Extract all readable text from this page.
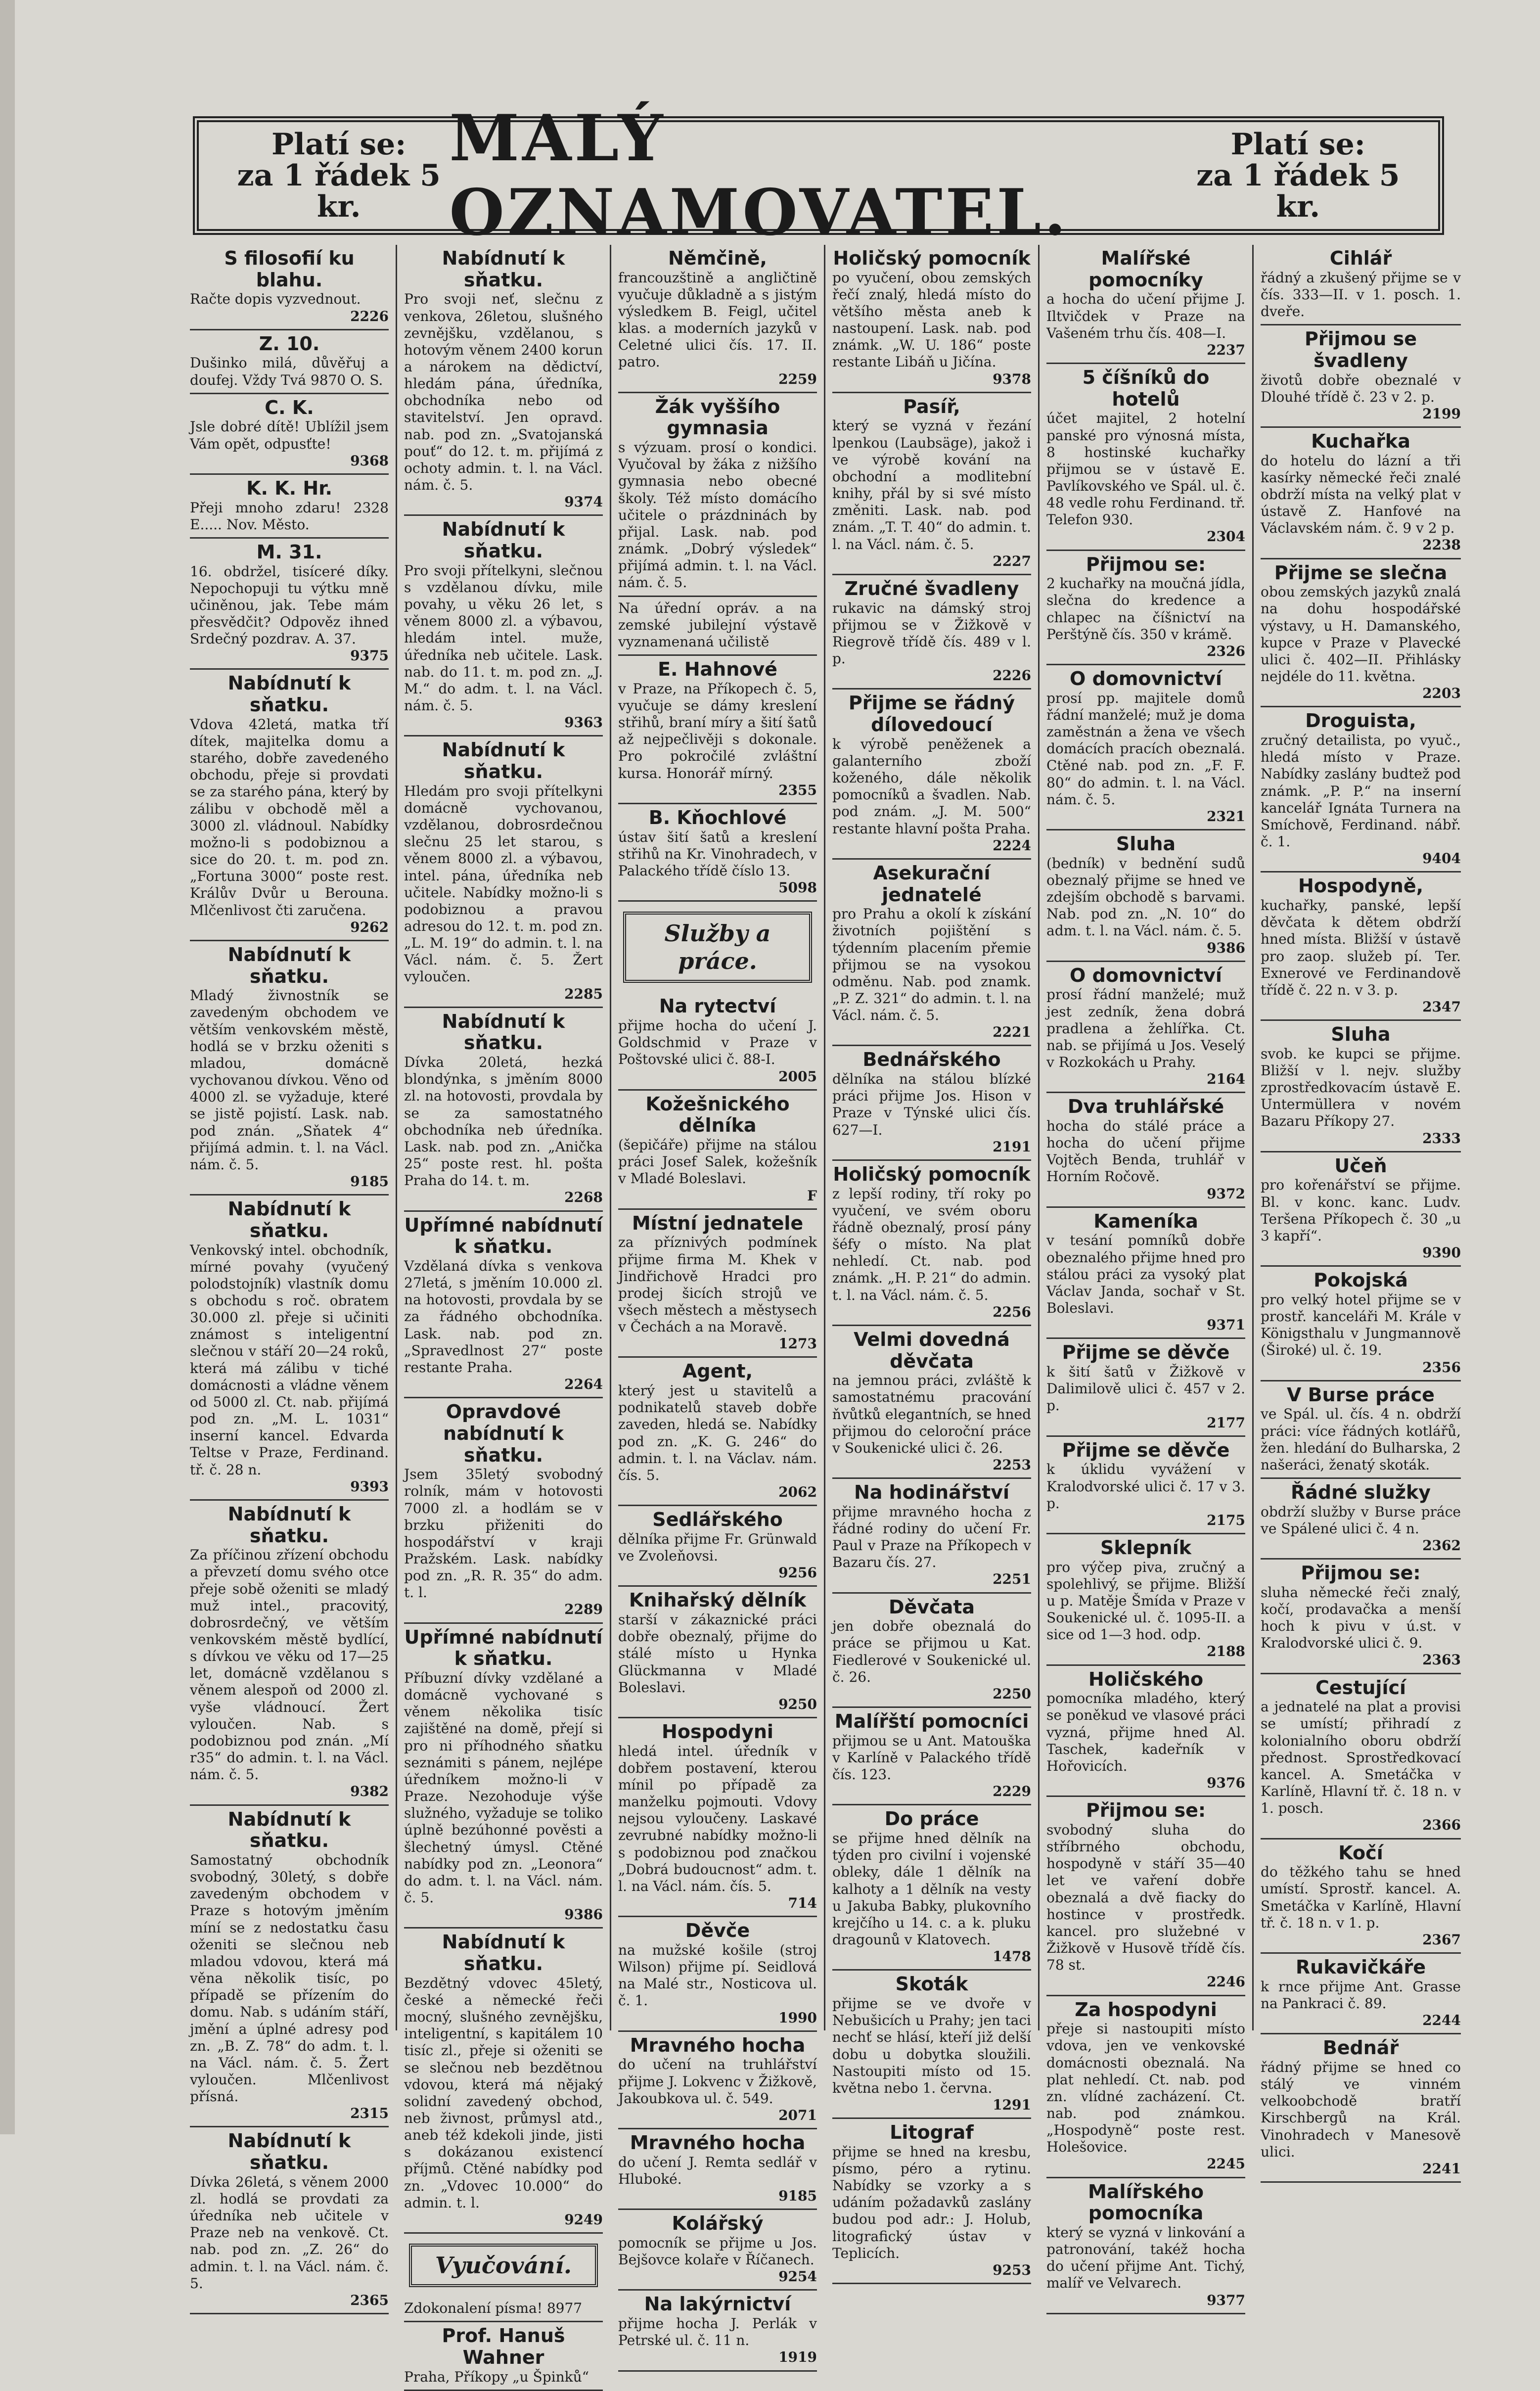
Platí se:
za 1 řádek 5 kr.
MALÝ OZNAMOVATEL.
Platí se:
za 1 řádek 5 kr.
S filosofií ku blahu.
Račte dopis vyzvednout.
2226
Z. 10.
Dušinko milá, důvěřuj a doufej. Vždy Tvá 9870 O. S.
C. K.
Jsle dobré dítě! Ublížil jsem Vám opět, odpusťte!
9368
K. K. Hr.
Přeji mnoho zdaru! 2328 E..... Nov. Město.
M. 31.
16. obdržel, tisíceré díky. Nepochopuji tu výtku mně učiněnou, jak. Tebe mám přesvědčit? Odpověz ihned Srdečný pozdrav. A. 37.
9375
Nabídnutí k sňatku.
Vdova 42letá, matka tří dítek, majitelka domu a starého, dobře zavedeného obchodu, přeje si provdati se za starého pána, který by zálibu v obchodě měl a 3000 zl. vládnoul. Nabídky možno-li s podobiznou a sice do 20. t. m. pod zn. „Fortuna 3000“ poste rest. Králův Dvůr u Berouna. Mlčenlivost čti zaručena.
9262
Nabídnutí k sňatku.
Mladý živnostník se zavedeným obchodem ve větším venkovském městě, hodlá se v brzku oženiti s mladou, domácně vychovanou dívkou. Věno od 4000 zl. se vyžaduje, které se jistě pojistí. Lask. nab. pod znán. „Sňatek 4“ přijímá admin. t. l. na Václ. nám. č. 5.
9185
Nabídnutí k sňatku.
Venkovský intel. obchodník, mírné povahy (vyučený polodstojník) vlastník domu s obchodu s roč. obratem 30.000 zl. přeje si učiniti známost s inteligentní slečnou v stáří 20—24 roků, která má zálibu v tiché domácnosti a vládne věnem od 5000 zl. Ct. nab. přijímá pod zn. „M. L. 1031“ inserní kancel. Edvarda Teltse v Praze, Ferdinand. tř. č. 28 n.
9393
Nabídnutí k sňatku.
Za příčinou zřízení obchodu a převzetí domu svého otce přeje sobě oženiti se mladý muž intel., pracovitý, dobrosrdečný, ve větším venkovském městě bydlící, s dívkou ve věku od 17—25 let, domácně vzdělanou s věnem alespoň od 2000 zl. vyše vládnoucí. Žert vyloučen. Nab. s podobiznou pod znán. „Mí r35“ do admin. t. l. na Václ. nám. č. 5.
9382
Nabídnutí k sňatku.
Samostatný obchodník svobodný, 30letý, s dobře zavedeným obchodem v Praze s hotovým jměním míní se z nedostatku času oženiti se slečnou neb mladou vdovou, která má věna několik tisíc, po případě se přízením do domu. Nab. s udáním stáří, jmění a úplné adresy pod zn. „B. Z. 78“ do adm. t. l. na Václ. nám. č. 5. Žert vyloučen. Mlčenlivost přísná.
2315
Nabídnutí k sňatku.
Dívka 26letá, s věnem 2000 zl. hodlá se provdati za úředníka neb učitele v Praze neb na venkově. Ct. nab. pod zn. „Z. 26“ do admin. t. l. na Václ. nám. č. 5.
2365
Nabídnutí k sňatku.
Pro svoji neť, slečnu z venkova, 26letou, slušného zevnějšku, vzdělanou, s hotovým věnem 2400 korun a nárokem na dědictví, hledám pána, úředníka, obchodníka nebo od stavitelství. Jen opravd. nab. pod zn. „Svatojanská pouť“ do 12. t. m. přijímá z ochoty admin. t. l. na Václ. nám. č. 5.
9374
Nabídnutí k sňatku.
Pro svoji přítelkyni, slečnou s vzdělanou dívku, mile povahy, u věku 26 let, s věnem 8000 zl. a výbavou, hledám intel. muže, úředníka neb učitele. Lask. nab. do 11. t. m. pod zn. „J. M.“ do adm. t. l. na Václ. nám. č. 5.
9363
Nabídnutí k sňatku.
Hledám pro svoji přítelkyni domácně vychovanou, vzdělanou, dobrosrdečnou slečnu 25 let starou, s věnem 8000 zl. a výbavou, intel. pána, úředníka neb učitele. Nabídky možno-li s podobiznou a pravou adresou do 12. t. m. pod zn. „L. M. 19“ do admin. t. l. na Václ. nám. č. 5. Žert vyloučen.
2285
Nabídnutí k sňatku.
Dívka 20letá, hezká blondýnka, s jměním 8000 zl. na hotovosti, provdala by se za samostatného obchodníka neb úředníka. Lask. nab. pod zn. „Anička 25“ poste rest. hl. pošta Praha do 14. t. m.
2268
Upřímné nabídnutí k sňatku.
Vzdělaná dívka s venkova 27letá, s jměním 10.000 zl. na hotovosti, provdala by se za řádného obchodníka. Lask. nab. pod zn. „Spravedlnost 27“ poste restante Praha.
2264
Opravdové nabídnutí k sňatku.
Jsem 35letý svobodný rolník, mám v hotovosti 7000 zl. a hodlám se v brzku přiženiti do hospodářství v kraji Pražském. Lask. nabídky pod zn. „R. R. 35“ do adm. t. l.
2289
Upřímné nabídnutí k sňatku.
Příbuzní dívky vzdělané a domácně vychované s věnem několika tisíc zajištěné na domě, přejí si pro ni příhodného sňatku seznámiti s pánem, nejlépe úředníkem možno-li v Praze. Nezohoduje výše služného, vyžaduje se toliko úplně bezúhonné pověsti a šlechetný úmysl. Ctěné nabídky pod zn. „Leonora“ do adm. t. l. na Václ. nám. č. 5.
9386
Nabídnutí k sňatku.
Bezdětný vdovec 45letý, české a německé řeči mocný, slušného zevnějšku, inteligentní, s kapitálem 10 tisíc zl., přeje si oženiti se se slečnou neb bezdětnou vdovou, která má nějaký solidní zavedený obchod, neb živnost, průmysl atd., aneb též kdekoli jinde, jisti s dokázanou existencí příjmů. Ctěné nabídky pod zn. „Vdovec 10.000“ do admin. t. l.
9249
Vyučování.
Zdokonalení písma! 8977
Prof. Hanuš Wahner
Praha, Příkopy „u Špinků“
Němčině,
francouzštině a angličtině vyučuje důkladně a s jistým výsledkem B. Feigl, učitel klas. a moderních jazyků v Celetné ulici čís. 17. II. patro.
2259
Žák vyššího gymnasia
s výzuam. prosí o kondici. Vyučoval by žáka z nižšího gymnasia nebo obecné školy. Též místo domácího učitele o prázdninách by přijal. Lask. nab. pod známk. „Dobrý výsledek“ přijímá admin. t. l. na Václ. nám. č. 5.
Na úřední opráv. a na zemské jubilejní výstavě vyznamenaná učilistě
E. Hahnové
v Praze, na Příkopech č. 5, vyučuje se dámy kreslení střihů, braní míry a šití šatů až nejpečlivěji s dokonale. Pro pokročilé zvláštní kursa. Honorář mírný.
2355
B. Kňochlové
ústav šití šatů a kreslení střihů na Kr. Vinohradech, v Palackého třídě číslo 13.
5098
Služby a práce.
Na rytectví
přijme hocha do učení J. Goldschmid v Praze v Poštovské ulici č. 88-I.
2005
Kožešnického dělníka
(šepičáře) přijme na stálou práci Josef Salek, kožešník v Mladé Boleslavi.
F
Místní jednatele
za příznivých podmínek přijme firma M. Khek v Jindřichově Hradci pro prodej šicích strojů ve všech městech a městysech v Čechách a na Moravě.
1273
Agent,
který jest u stavitelů a podnikatelů staveb dobře zaveden, hledá se. Nabídky pod zn. „K. G. 246“ do admin. t. l. na Václav. nám. čís. 5.
2062
Sedlářského
dělníka přijme Fr. Grünwald ve Zvoleňovsi.
9256
Knihařský dělník
starší v zákaznické práci dobře obeznalý, přijme do stálé místo u Hynka Glückmanna v Mladé Boleslavi.
9250
Hospodyni
hledá intel. úředník v dobřem postavení, kterou mínil po případě za manželku pojmouti. Vdovy nejsou vyloučeny. Laskavé zevrubné nabídky možno-li s podobiznou pod značkou „Dobrá budoucnost“ adm. t. l. na Václ. nám. čís. 5.
714
Děvče
na mužské košile (stroj Wilson) přijme pí. Seidlová na Malé str., Nosticova ul. č. 1.
1990
Mravného hocha
do učení na truhlářství přijme J. Lokvenc v Žižkově, Jakoubkova ul. č. 549.
2071
Mravného hocha
do učení J. Remta sedlář v Hluboké.
9185
Kolářský
pomocník se přijme u Jos. Bejšovce kolaře v Říčanech.
9254
Na lakýrnictví
přijme hocha J. Perlák v Petrské ul. č. 11 n.
1919
Holičský pomocník
po vyučení, obou zemských řečí znalý, hledá místo do většího města aneb k nastoupení. Lask. nab. pod známk. „W. U. 186“ poste restante Libáň u Jičína.
9378
Pasíř,
který se vyzná v řezání lpenkou (Laubsäge), jakož i ve výrobě kování na obchodní a modlitební knihy, přál by si své místo změniti. Lask. nab. pod znám. „T. T. 40“ do admin. t. l. na Václ. nám. č. 5.
2227
Zručné švadleny
rukavic na dámský stroj přijmou se v Žižkově v Riegrově třídě čís. 489 v l. p.
2226
Přijme se řádný dílovedoucí
k výrobě peněženek a galanterního zboží koženého, dále několik pomocníků a švadlen. Nab. pod znám. „J. M. 500“ restante hlavní pošta Praha.
2224
Asekurační jednatelé
pro Prahu a okolí k získání životních pojištění s týdenním placením přemie přijmou se na vysokou odměnu. Nab. pod znamk. „P. Z. 321“ do admin. t. l. na Václ. nám. č. 5.
2221
Bednářského
dělníka na stálou blízké práci přijme Jos. Hison v Praze v Týnské ulici čís. 627—I.
2191
Holičský pomocník
z lepší rodiny, tří roky po vyučení, ve svém oboru řádně obeznalý, prosí pány šéfy o místo. Na plat nehledí. Ct. nab. pod známk. „H. P. 21“ do admin. t. l. na Václ. nám. č. 5.
2256
Velmi dovedná děvčata
na jemnou práci, zvláště k samostatnému pracování ňvůtků elegantních, se hned přijmou do celoroční práce v Soukenické ulici č. 26.
2253
Na hodinářství
přijme mravného hocha z řádné rodiny do učení Fr. Paul v Praze na Příkopech v Bazaru čís. 27.
2251
Děvčata
jen dobře obeznalá do práce se přijmou u Kat. Fiedlerové v Soukenické ul. č. 26.
2250
Malířští pomocníci
přijmou se u Ant. Matouška v Karlíně v Palackého třídě čís. 123.
2229
Do práce
se přijme hned dělník na týden pro civilní i vojenské obleky, dále 1 dělník na kalhoty a 1 dělník na vesty u Jakuba Babky, plukovního krejčího u 14. c. a k. pluku dragounů v Klatovech.
1478
Skoták
přijme se ve dvoře v Nebušicích u Prahy; jen taci nechť se hlásí, kteří již delší dobu u dobytka sloužili. Nastoupiti místo od 15. května nebo 1. června.
1291
Litograf
přijme se hned na kresbu, písmo, péro a rytinu. Nabídky se vzorky a s udáním požadavků zaslány budou pod adr.: J. Holub, litografický ústav v Teplicích.
9253
Malířské pomocníky
a hocha do učení přijme J. Iltvičdek v Praze na Vašeném trhu čís. 408—I.
2237
5 číšníků do hotelů
účet majitel, 2 hotelní panské pro výnosná místa, 8 hostinské kuchařky přijmou se v ústavě E. Pavlíkovského ve Spál. ul. č. 48 vedle rohu Ferdinand. tř. Telefon 930.
2304
Přijmou se:
2 kuchařky na moučná jídla, slečna do kredence a chlapec na číšnictví na Perštýně čís. 350 v krámě.
2326
O domovnictví
prosí pp. majitele domů řádní manželé; muž je doma zaměstnán a žena ve všech domácích pracích obeznalá. Ctěné nab. pod zn. „F. F. 80“ do admin. t. l. na Václ. nám. č. 5.
2321
Sluha
(bedník) v bednění sudů obeznalý přijme se hned ve zdejším obchodě s barvami. Nab. pod zn. „N. 10“ do adm. t. l. na Václ. nám. č. 5.
9386
O domovnictví
prosí řádní manželé; muž jest zedník, žena dobrá pradlena a žehlířka. Ct. nab. se přijímá u Jos. Veselý v Rozkokách u Prahy.
2164
Dva truhlářské
hocha do stálé práce a hocha do učení přijme Vojtěch Benda, truhlář v Horním Ročově.
9372
Kameníka
v tesání pomníků dobře obeznalého přijme hned pro stálou práci za vysoký plat Václav Janda, sochař v St. Boleslavi.
9371
Přijme se děvče
k šití šatů v Žižkově v Dalimilově ulici č. 457 v 2. p.
2177
Přijme se děvče
k úklidu vyvážení v Kralodvorské ulici č. 17 v 3. p.
2175
Sklepník
pro výčep piva, zručný a spolehlivý, se přijme. Bližší u p. Matěje Šmída v Praze v Soukenické ul. č. 1095-II. a sice od 1—3 hod. odp.
2188
Holičského
pomocníka mladého, který se poněkud ve vlasové práci vyzná, přijme hned Al. Taschek, kadeřník v Hořovicích.
9376
Přijmou se:
svobodný sluha do stříbrného obchodu, hospodyně v stáří 35—40 let ve vaření dobře obeznalá a dvě fiacky do hostince v prostředk. kancel. pro služebné v Žižkově v Husově třídě čís. 78 st.
2246
Za hospodyni
přeje si nastoupiti místo vdova, jen ve venkovské domácnosti obeznalá. Na plat nehledí. Ct. nab. pod zn. vlídné zacházení. Ct. nab. pod známkou. „Hospodyně“ poste rest. Holešovice.
2245
Malířského pomocníka
který se vyzná v linkování a patronování, takéž hocha do učení přijme Ant. Tichý, malíř ve Velvarech.
9377
Cihlář
řádný a zkušený přijme se v čís. 333—II. v 1. posch. 1. dveře.
Přijmou se švadleny
životů dobře obeznalé v Dlouhé třídě č. 23 v 2. p.
2199
Kuchařka
do hotelu do lázní a tři kasírky německé řeči znalé obdrží místa na velký plat v ústavě Z. Hanfové na Václavském nám. č. 9 v 2 p.
2238
Přijme se slečna
obou zemských jazyků znalá na dohu hospodářské výstavy, u H. Damanského, kupce v Praze v Plavecké ulici č. 402—II. Přihlásky nejdéle do 11. května.
2203
Droguista,
zručný detailista, po vyuč., hledá místo v Praze. Nabídky zaslány budtež pod známk. „P. P.“ na inserní kancelář Ignáta Turnera na Smíchově, Ferdinand. nábř. č. 1.
9404
Hospodyně,
kuchařky, panské, lepší děvčata k dětem obdrží hned místa. Bližší v ústavě pro zaop. služeb pí. Ter. Exnerové ve Ferdinandově třídě č. 22 n. v 3. p.
2347
Sluha
svob. ke kupci se přijme. Bližší v l. nejv. služby zprostředkovacím ústavě E. Untermüllera v novém Bazaru Příkopy 27.
2333
Učeň
pro kořenářství se přijme. Bl. v konc. kanc. Ludv. Teršena Příkopech č. 30 „u 3 kapří“.
9390
Pokojská
pro velký hotel přijme se v prostř. kanceláři M. Krále v Königsthalu v Jungmannově (Široké) ul. č. 19.
2356
V Burse práce
ve Spál. ul. čís. 4 n. obdrží práci: více řádných kotlářů, žen. hledání do Bulharska, 2 našeráci, ženatý skoták.
Řádné služky
obdrží služby v Burse práce ve Spálené ulici č. 4 n.
2362
Přijmou se:
sluha německé řeči znalý, kočí, prodavačka a menší hoch k pivu v ú.st. v Kralodvorské ulici č. 9.
2363
Cestující
a jednatelé na plat a provisi se umístí; přihradí z kolonialního oboru obdrží přednost. Sprostředkovací kancel. A. Smetáčka v Karlíně, Hlavní tř. č. 18 n. v 1. posch.
2366
Kočí
do těžkého tahu se hned umístí. Sprostř. kancel. A. Smetáčka v Karlíně, Hlavní tř. č. 18 n. v 1. p.
2367
Rukavičkáře
k rnce přijme Ant. Grasse na Pankraci č. 89.
2244
Bednář
řádný přijme se hned co stálý ve vinném velkoobchodě bratří Kirschbergů na Král. Vinohradech v Manesově ulici.
2241
